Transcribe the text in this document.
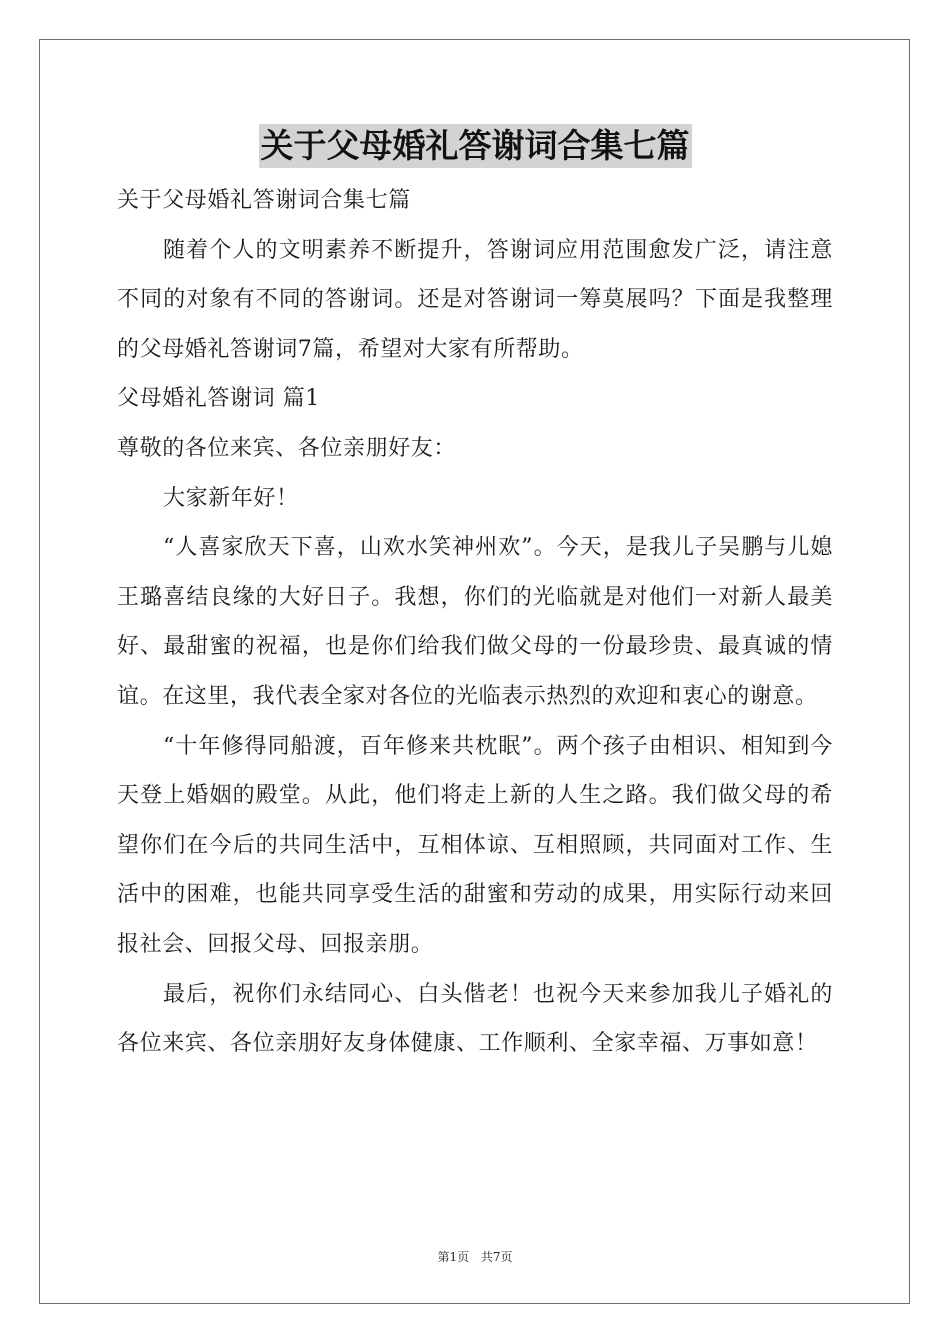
关于父母婚礼答谢词合集七篇

关于父母婚礼答谢词合集七篇

随着个人的文明素养不断提升，答谢词应用范围愈发广泛，请注意不同的对象有不同的答谢词。还是对答谢词一筹莫展吗？下面是我整理的父母婚礼答谢词7篇，希望对大家有所帮助。

父母婚礼答谢词 篇1

尊敬的各位来宾、各位亲朋好友：

大家新年好！

“人喜家欣天下喜，山欢水笑神州欢”。今天，是我儿子吴鹏与儿媳王璐喜结良缘的大好日子。我想，你们的光临就是对他们一对新人最美好、最甜蜜的祝福，也是你们给我们做父母的一份最珍贵、最真诚的情谊。在这里，我代表全家对各位的光临表示热烈的欢迎和衷心的谢意。

“十年修得同船渡，百年修来共枕眠”。两个孩子由相识、相知到今天登上婚姻的殿堂。从此，他们将走上新的人生之路。我们做父母的希望你们在今后的共同生活中，互相体谅、互相照顾，共同面对工作、生活中的困难，也能共同享受生活的甜蜜和劳动的成果，用实际行动来回报社会、回报父母、回报亲朋。

最后，祝你们永结同心、白头偕老！也祝今天来参加我儿子婚礼的各位来宾、各位亲朋好友身体健康、工作顺利、全家幸福、万事如意！

第1页 共7页
